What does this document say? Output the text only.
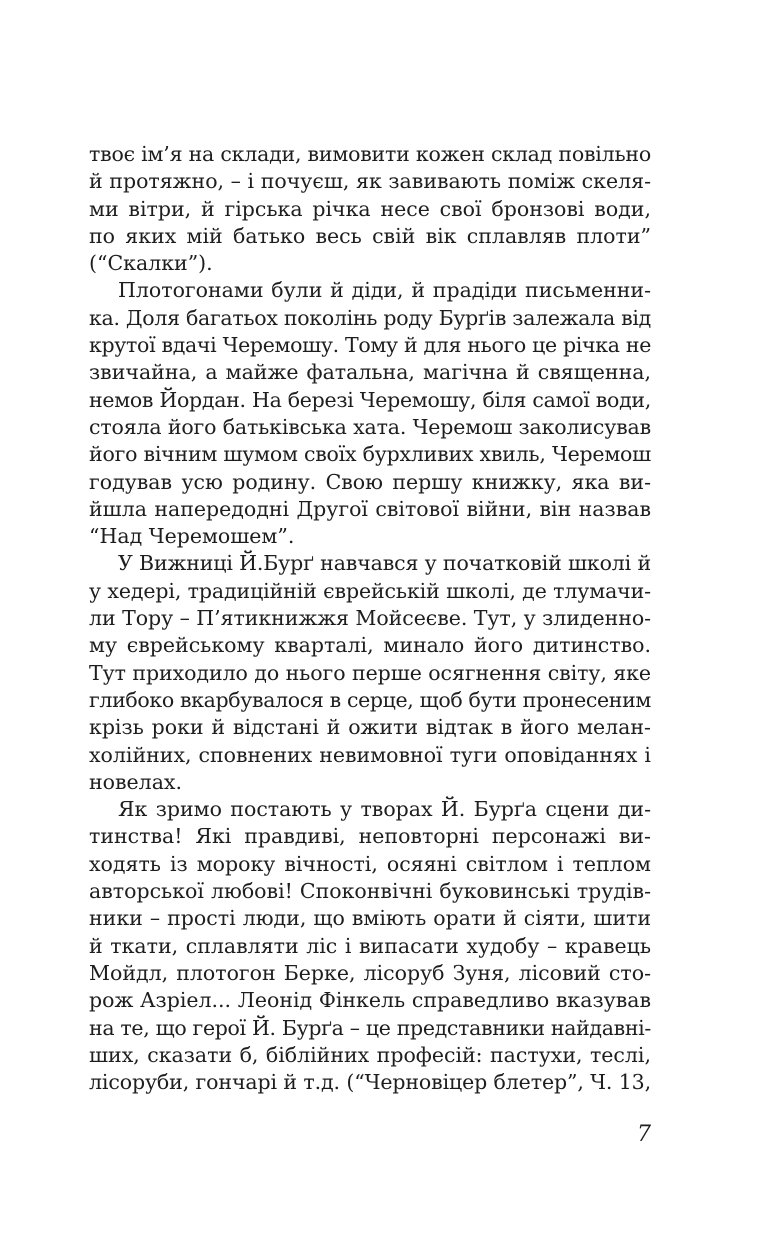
твоє ім’я на склади, вимовити кожен склад повільно
й протяжно, – і почуєш, як завивають поміж скеля-
ми вітри, й гірська річка несе свої бронзові води,
по яких мій батько весь свій вік сплавляв плоти”
(“Скалки”).
Плотогонами були й діди, й прадіди письменни-
ка. Доля багатьох поколінь роду Бурґів залежала від
крутої вдачі Черемошу. Тому й для нього це річка не
звичайна, а майже фатальна, магічна й священна,
немов Йордан. На березі Черемошу, біля самої води,
стояла його батьківська хата. Черемош заколисував
його вічним шумом своїх бурхливих хвиль, Черемош
годував усю родину. Свою першу книжку, яка ви-
йшла напередодні Другої світової війни, він назвав
“Над Черемошем”.
У Вижниці Й.Бурґ навчався у початковій школі й
у хедері, традиційній єврейській школі, де тлумачи-
ли Тору – П’ятикнижжя Мойсеєве. Тут, у злиденно-
му єврейському кварталі, минало його дитинство.
Тут приходило до нього перше осягнення світу, яке
глибоко вкарбувалося в серце, щоб бути пронесеним
крізь роки й відстані й ожити відтак в його мелан-
холійних, сповнених невимовної туги оповіданнях і
новелах.
Як зримо постають у творах Й. Бурґа сцени ди-
тинства! Які правдиві, неповторні персонажі ви-
ходять із мороку вічності, осяяні світлом і теплом
авторської любові! Споконвічні буковинські трудів-
ники – прості люди, що вміють орати й сіяти, шити
й ткати, сплавляти ліс і випасати худобу – кравець
Мойдл, плотогон Берке, лісоруб Зуня, лісовий сто-
рож Азріел... Леонід Фінкель справедливо вказував
на те, що герої Й. Бурґа – це представники найдавні-
ших, сказати б, біблійних професій: пастухи, теслі,
лісоруби, гончарі й т.д. (“Черновіцер блетер”, Ч. 13,
7
